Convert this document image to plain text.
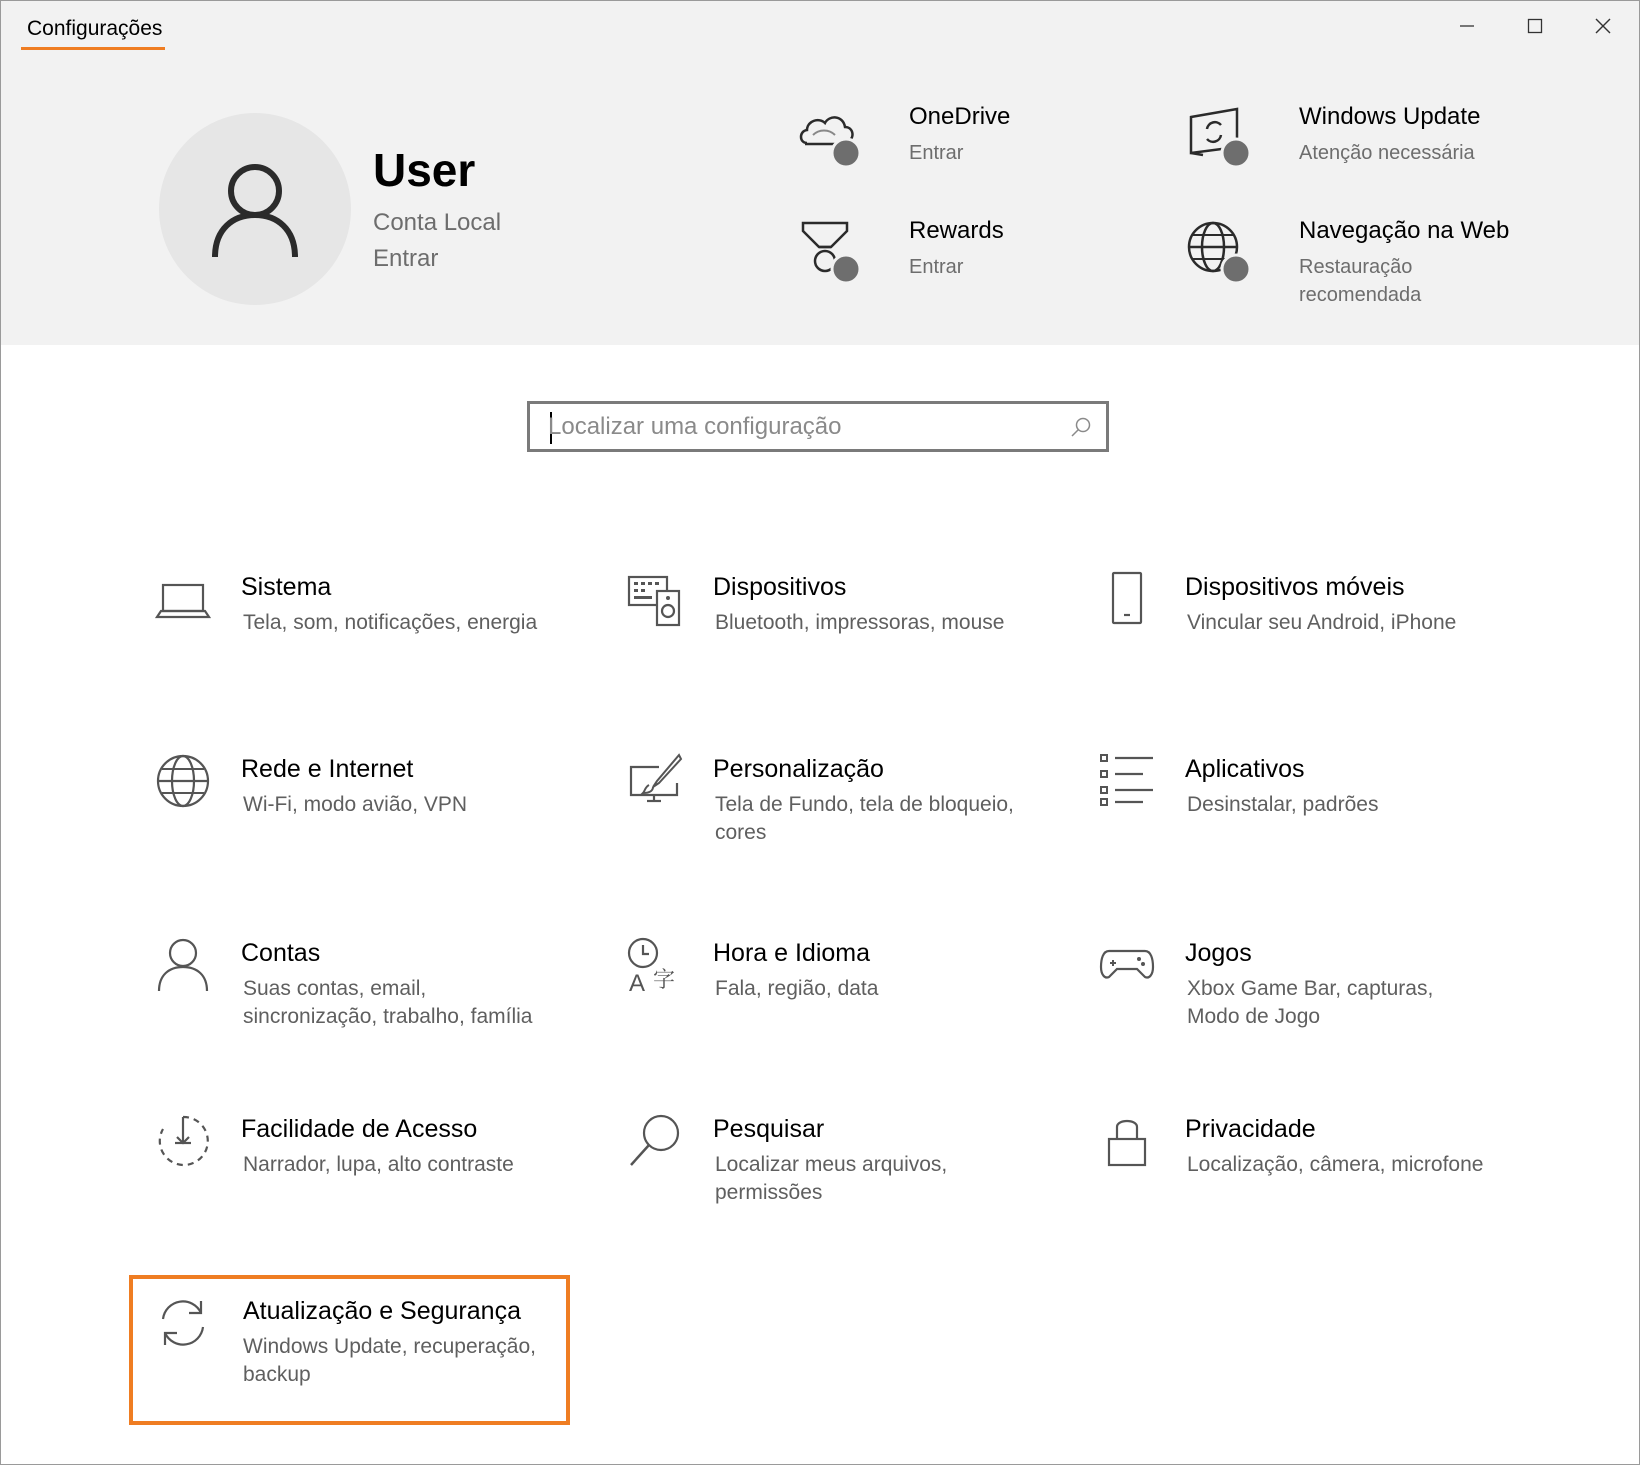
Configurações
User
Conta Local
Entrar
OneDrive
Entrar
Windows Update
Atenção necessária
Rewards
Entrar
Navegação na Web
Restauração recomendada
Localizar uma configuração
Sistema
Tela, som, notificações, energia
Dispositivos
Bluetooth, impressoras, mouse
Dispositivos móveis
Vincular seu Android, iPhone
Rede e Internet
Wi-Fi, modo avião, VPN
Personalização
Tela de Fundo, tela de bloqueio, cores
Aplicativos
Desinstalar, padrões
Contas
Suas contas, email, sincronização, trabalho, família
A 字
Hora e Idioma
Fala, região, data
Jogos
Xbox Game Bar, capturas, Modo de Jogo
Facilidade de Acesso
Narrador, lupa, alto contraste
Pesquisar
Localizar meus arquivos, permissões
Privacidade
Localização, câmera, microfone
Atualização e Segurança
Windows Update, recuperação, backup
